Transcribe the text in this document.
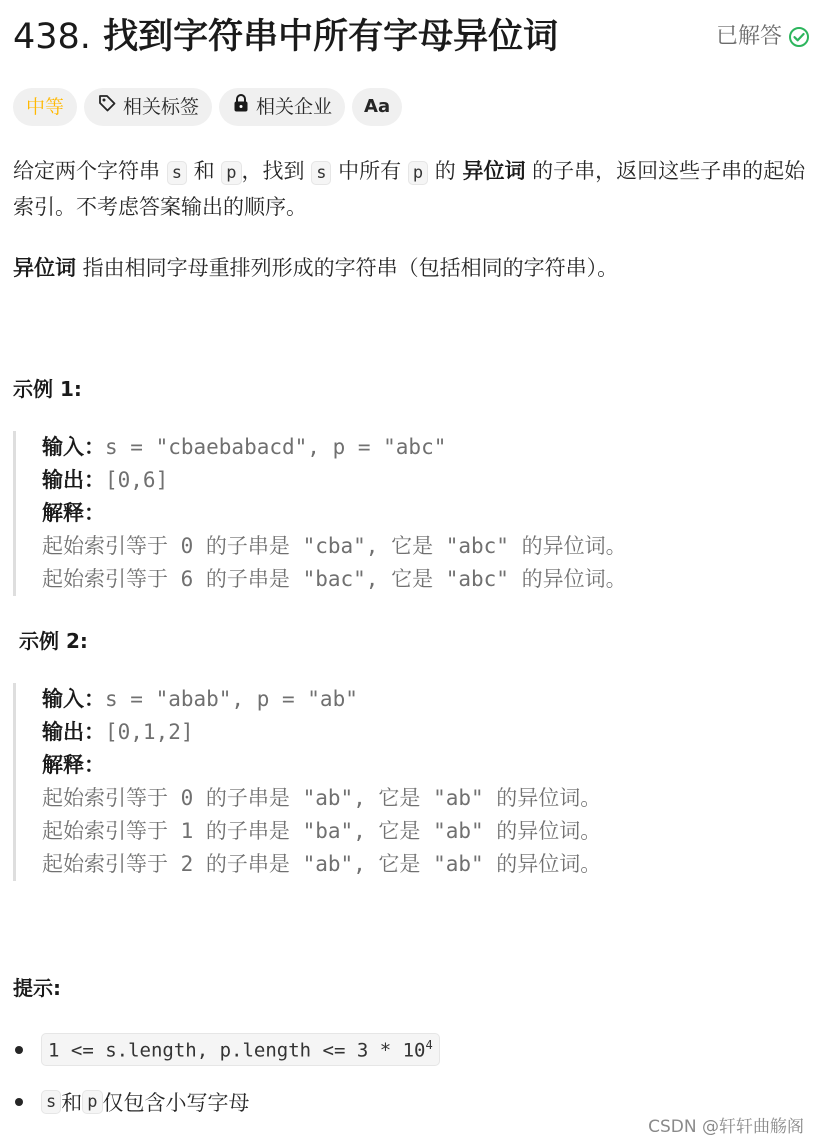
438. 找到字符串中所有字母异位词	已解答
中等	相关标签	相关企业 Aa
给定两个字符串 s 和 p ，找到 s 中所有 p 的 异位词 的子串，返回这些子串的起始索引。不考虑答案输出的顺序。
异位词 指由相同字母重排列形成的字符串（包括相同的字符串）。
示例 1:
输入：s = "cbaebabacd", p = "abc"
输出：[0,6]
解释：
起始索引等于 0 的子串是 "cba", 它是 "abc" 的异位词。
起始索引等于 6 的子串是 "bac", 它是 "abc" 的异位词。
示例 2:
输入：s = "abab", p = "ab"
输出：[0,1,2]
解释：
起始索引等于 0 的子串是 "ab", 它是 "ab" 的异位词。
起始索引等于 1 的子串是 "ba", 它是 "ab" 的异位词。
起始索引等于 2 的子串是 "ab", 它是 "ab" 的异位词。
提示:
1 <= s.length, p.length <= $3 * 10^4$
s 和 p 仅包含小写字母
CSDN @轩轩曲觞阁
